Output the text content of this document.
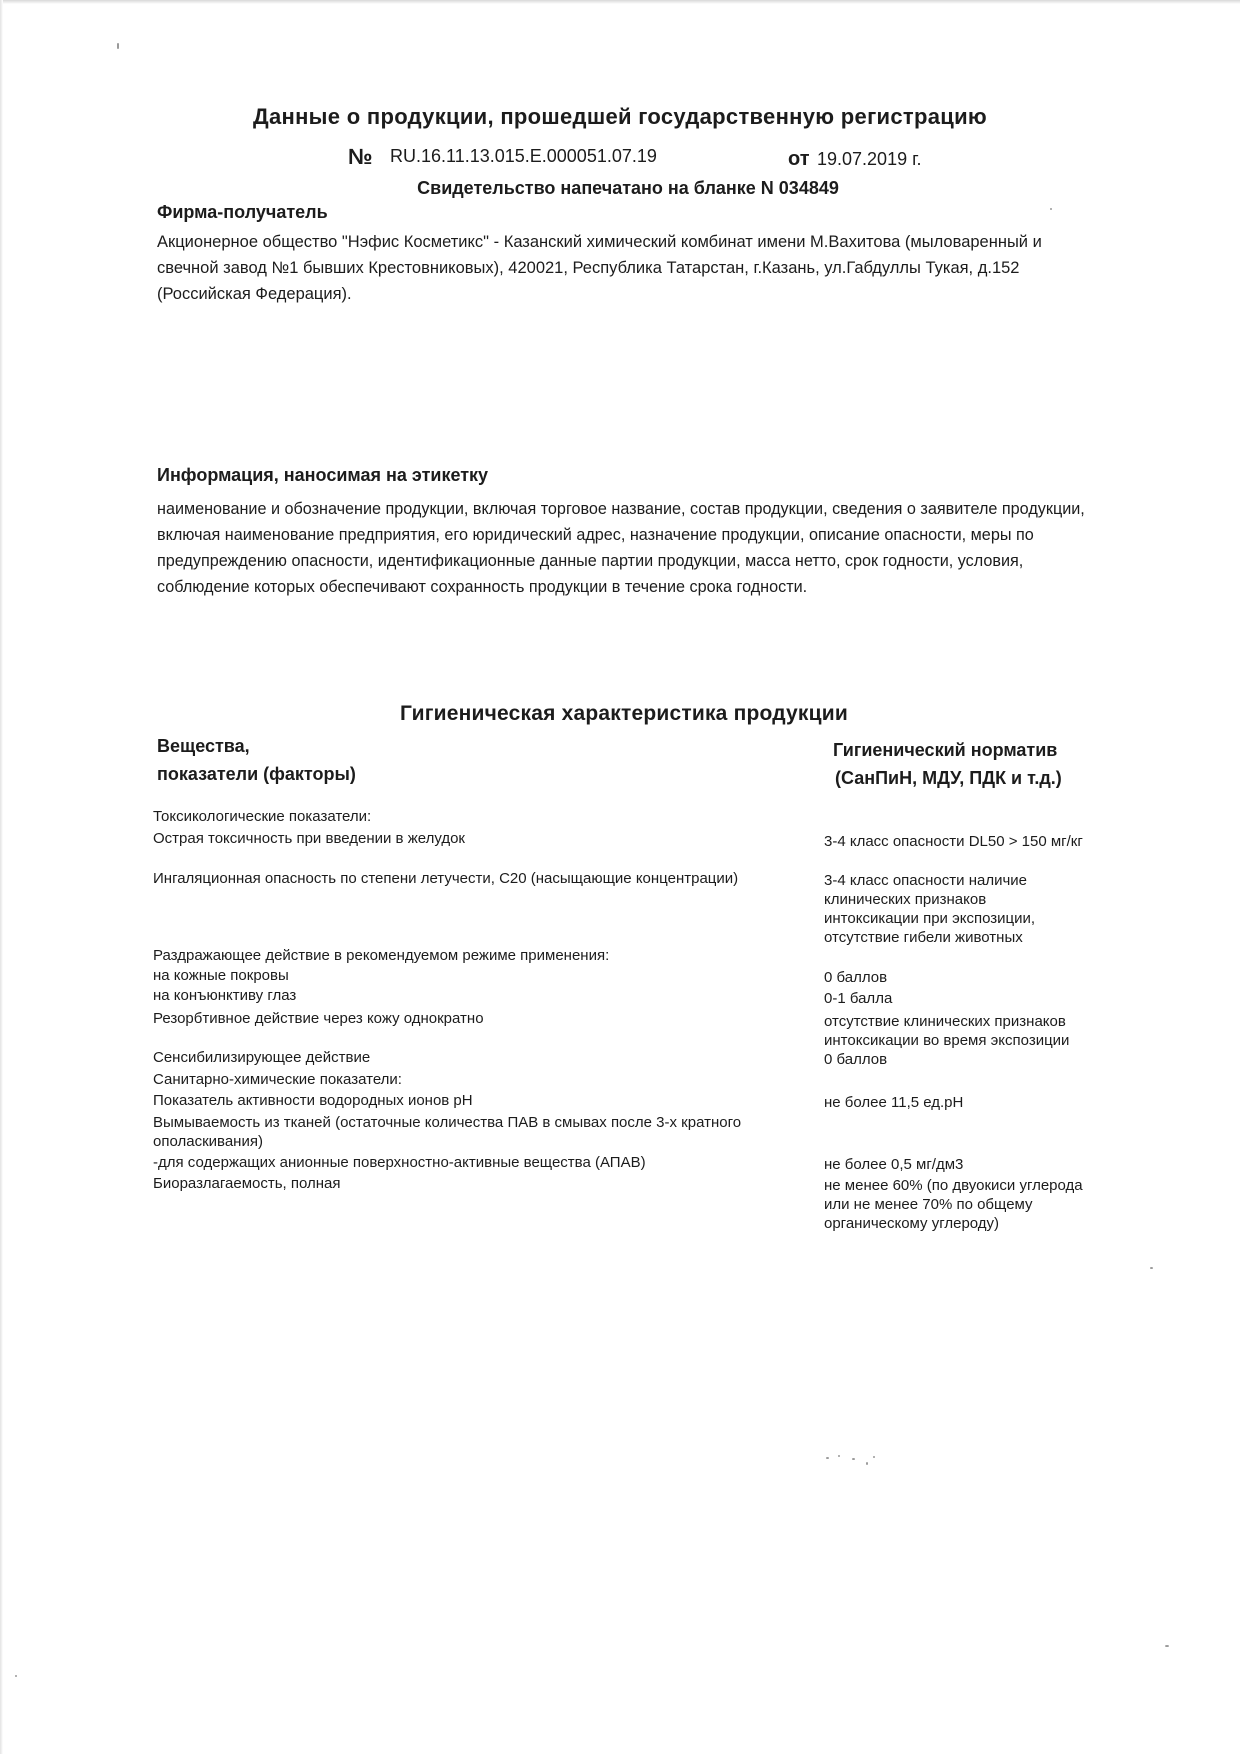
Данные о продукции, прошедшей государственную регистрацию
№ RU.16.11.13.015.Е.000051.07.19	от 19.07.2019 г.
Свидетельство напечатано на бланке N 034849
Фирма-получатель
Акционерное общество "Нэфис Косметикс" - Казанский химический комбинат имени М.Вахитова (мыловаренный и свечной завод №1 бывших Крестовниковых), 420021, Республика Татарстан, г.Казань, ул.Габдуллы Тукая, д.152 (Российская Федерация).
Информация, наносимая на этикетку
наименование и обозначение продукции, включая торговое название, состав продукции, сведения о заявителе продукции, включая наименование предприятия, его юридический адрес, назначение продукции, описание опасности, меры по предупреждению опасности, идентификационные данные партии продукции, масса нетто, срок годности, условия, соблюдение которых обеспечивают сохранность продукции в течение срока годности.
Гигиеническая характеристика продукции
Вещества,
показатели (факторы)
Гигиенический норматив
(СанПиН, МДУ, ПДК и т.д.)
Токсикологические показатели:
Острая токсичность при введении в желудок	3-4 класс опасности DL50 > 150 мг/кг
Ингаляционная опасность по степени летучести, С20 (насыщающие концентрации)	3-4 класс опасности наличие клинических признаков интоксикации при экспозиции, отсутствие гибели животных
Раздражающее действие в рекомендуемом режиме применения:
на кожные покровы	0 баллов
на конъюнктиву глаз	0-1 балла
Резорбтивное действие через кожу однократно	отсутствие клинических признаков интоксикации во время экспозиции
Сенсибилизирующее действие	0 баллов
Санитарно-химические показатели:
Показатель активности водородных ионов pH	не более 11,5 ед.pH
Вымываемость из тканей (остаточные количества ПАВ в смывах после 3-х кратного ополаскивания)
-для содержащих анионные поверхностно-активные вещества (АПАВ)	не более 0,5 мг/дм3
Биоразлагаемость, полная	не менее 60% (по двуокиси углерода или не менее 70% по общему органическому углероду)
